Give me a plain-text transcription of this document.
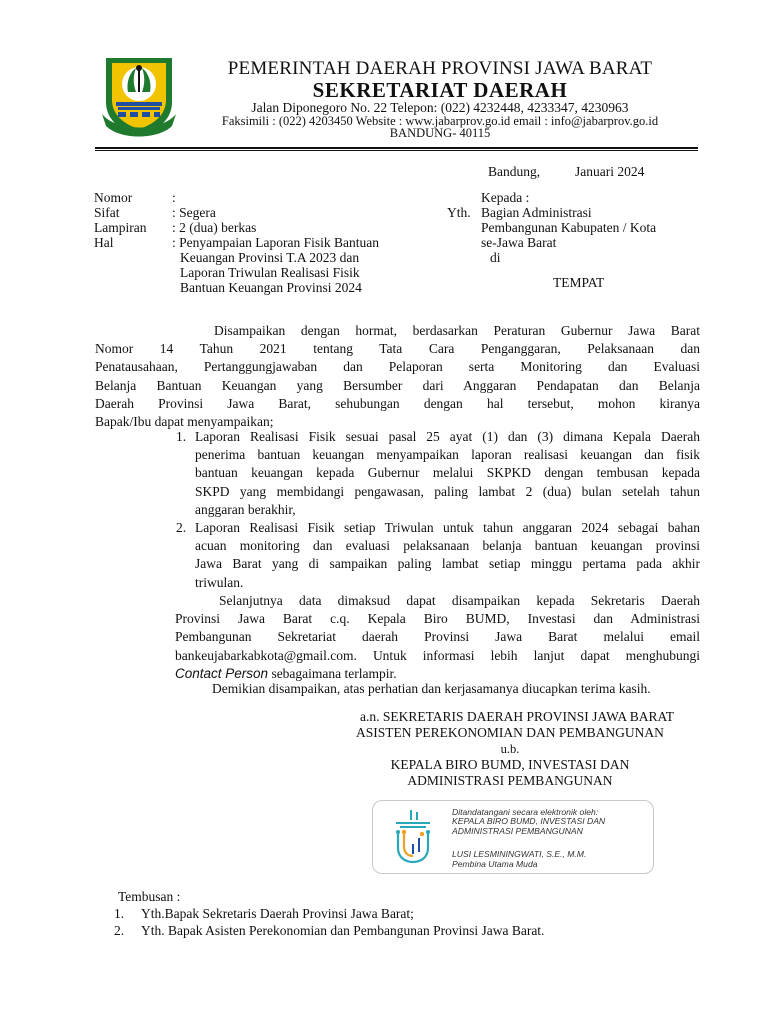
PEMERINTAH DAERAH PROVINSI JAWA BARAT
SEKRETARIAT DAERAH
Jalan Diponegoro No. 22 Telepon: (022) 4232448, 4233347, 4230963
Faksimili : (022) 4203450 Website : www.jabarprov.go.id email : info@jabarprov.go.id
BANDUNG- 40115
Bandung,	Januari 2024
Nomor	:
Sifat	: Segera
Lampiran : 2 (dua) berkas
Hal	: Penyampaian Laporan Fisik Bantuan
Keuangan Provinsi T.A 2023 dan
Laporan Triwulan Realisasi Fisik
Bantuan Keuangan Provinsi 2024
Kepada :
Yth. Bagian Administrasi
Pembangunan Kabupaten / Kota
se-Jawa Barat
di
TEMPAT
Disampaikan dengan hormat, berdasarkan Peraturan Gubernur Jawa Barat
Nomor 14 Tahun 2021 tentang Tata Cara Penganggaran, Pelaksanaan dan
Penatausahaan, Pertanggungjawaban dan Pelaporan serta Monitoring dan Evaluasi
Belanja Bantuan Keuangan yang Bersumber dari Anggaran Pendapatan dan Belanja
Daerah Provinsi Jawa Barat, sehubungan dengan hal tersebut, mohon kiranya
Bapak/Ibu dapat menyampaikan;
1. Laporan Realisasi Fisik sesuai pasal 25 ayat (1) dan (3) dimana Kepala Daerah
penerima bantuan keuangan menyampaikan laporan realisasi keuangan dan fisik
bantuan keuangan kepada Gubernur melalui SKPKD dengan tembusan kepada
SKPD yang membidangi pengawasan, paling lambat 2 (dua) bulan setelah tahun
anggaran berakhir,
2. Laporan Realisasi Fisik setiap Triwulan untuk tahun anggaran 2024 sebagai bahan
acuan monitoring dan evaluasi pelaksanaan belanja bantuan keuangan provinsi
Jawa Barat yang di sampaikan paling lambat setiap minggu pertama pada akhir
triwulan.
Selanjutnya data dimaksud dapat disampaikan kepada Sekretaris Daerah
Provinsi Jawa Barat c.q. Kepala Biro BUMD, Investasi dan Administrasi
Pembangunan Sekretariat daerah Provinsi Jawa Barat melalui email
bankeujabarkabkota@gmail.com. Untuk informasi lebih lanjut dapat menghubungi
Contact Person sebagaimana terlampir.
Demikian disampaikan, atas perhatian dan kerjasamanya diucapkan terima kasih.
a.n. SEKRETARIS DAERAH PROVINSI JAWA BARAT
ASISTEN PEREKONOMIAN DAN PEMBANGUNAN
u.b.
KEPALA BIRO BUMD, INVESTASI DAN
ADMINISTRASI PEMBANGUNAN
Ditandatangani secara elektronik oleh:
KEPALA BIRO BUMD, INVESTASI DAN
ADMINISTRASI PEMBANGUNAN
LUSI LESMININGWATI, S.E., M.M.
Pembina Utama Muda
Tembusan :
1. Yth.Bapak Sekretaris Daerah Provinsi Jawa Barat;
2. Yth. Bapak Asisten Perekonomian dan Pembangunan Provinsi Jawa Barat.
